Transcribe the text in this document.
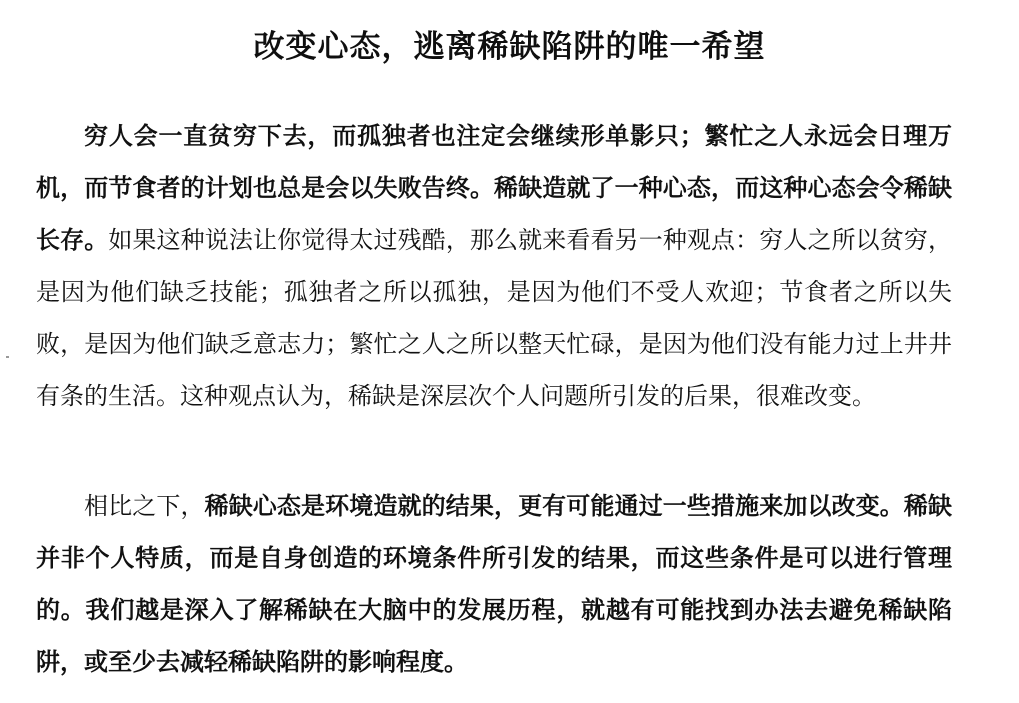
改变心态，逃离稀缺陷阱的唯一希望

穷人会一直贫穷下去，而孤独者也注定会继续形单影只；繁忙之人永远会日理万机，而节食者的计划也总是会以失败告终。稀缺造就了一种心态，而这种心态会令稀缺长存。如果这种说法让你觉得太过残酷，那么就来看看另一种观点：穷人之所以贫穷，是因为他们缺乏技能；孤独者之所以孤独，是因为他们不受人欢迎；节食者之所以失败，是因为他们缺乏意志力；繁忙之人之所以整天忙碌，是因为他们没有能力过上井井有条的生活。这种观点认为，稀缺是深层次个人问题所引发的后果，很难改变。

相比之下，稀缺心态是环境造就的结果，更有可能通过一些措施来加以改变。稀缺并非个人特质，而是自身创造的环境条件所引发的结果，而这些条件是可以进行管理的。我们越是深入了解稀缺在大脑中的发展历程，就越有可能找到办法去避免稀缺陷阱，或至少去减轻稀缺陷阱的影响程度。
